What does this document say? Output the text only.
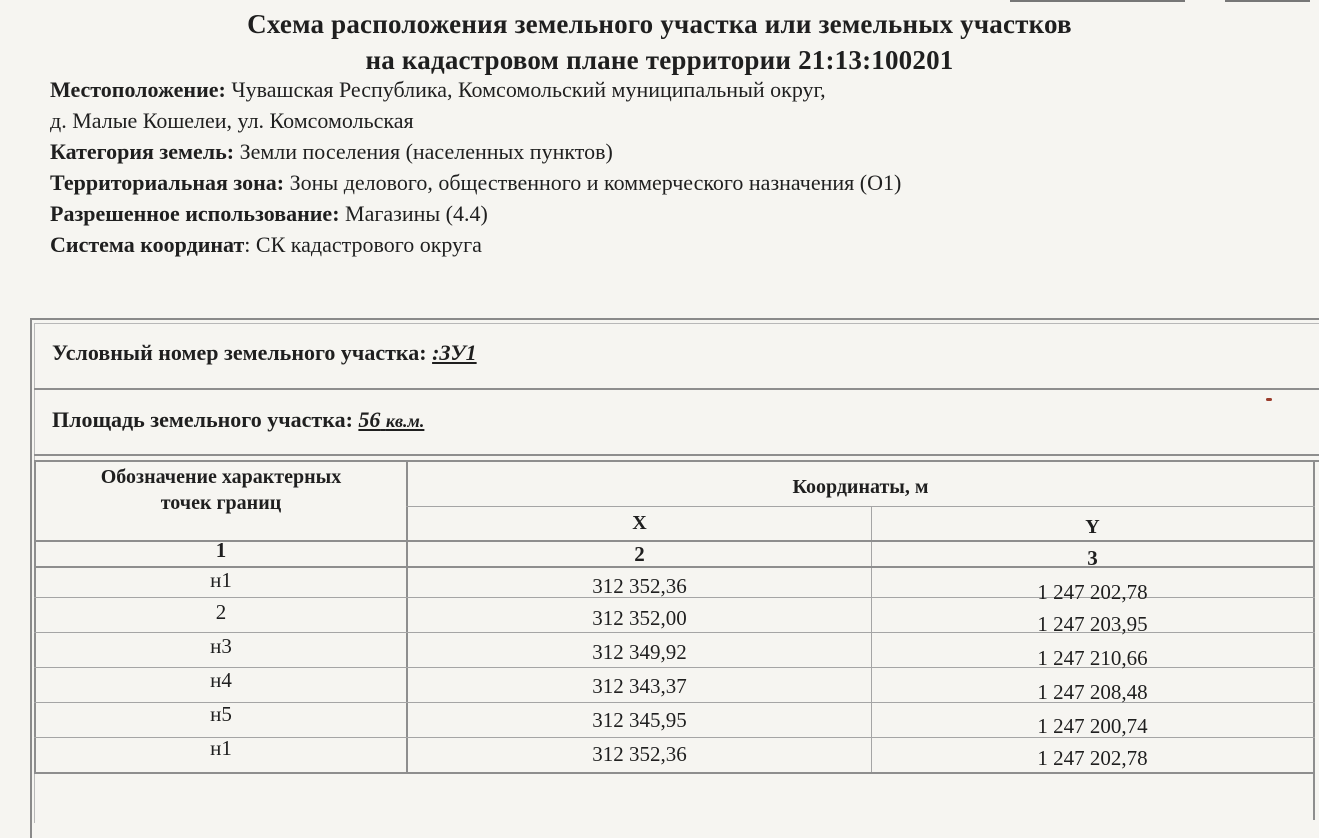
Схема расположения земельного участка или земельных участков
на кадастровом плане территории 21:13:100201
Местоположение: Чувашская Республика, Комсомольский муниципальный округ,
д. Малые Кошелеи, ул. Комсомольская
Категория земель: Земли поселения (населенных пунктов)
Территориальная зона: Зоны делового, общественного и коммерческого назначения (О1)
Разрешенное использование: Магазины (4.4)
Система координат: СК кадастрового округа
Условный номер земельного участка: :ЗУ1
Площадь земельного участка: 56 кв.м.
Обозначение характерных
точек границ
Координаты, м
X	Y
1	2	3
н1	312 352,36	1 247 202,78
2	312 352,00	1 247 203,95
н3	312 349,92	1 247 210,66
н4	312 343,37	1 247 208,48
н5	312 345,95	1 247 200,74
н1	312 352,36	1 247 202,78
